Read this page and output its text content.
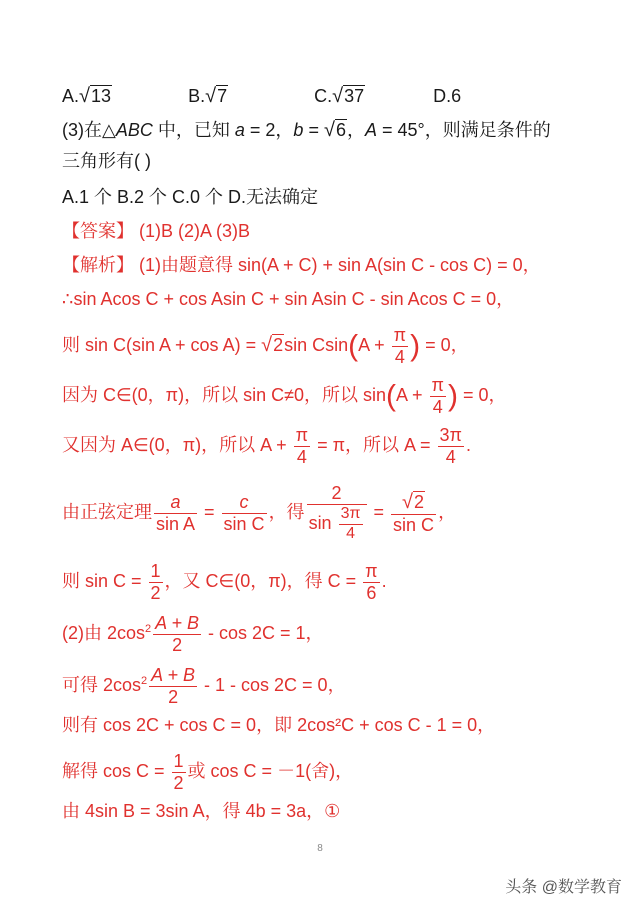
A.√13	B.√7	C.√37	D.6
(3)在△ABC 中，已知 a = 2，b = √6，A = 45°，则满足条件的
三角形有( )
A.1 个 B.2 个 C.0 个 D.无法确定
【答案】 (1)B (2)A (3)B
【解析】 (1)由题意得 sin(A + C) + sin A(sin C - cos C) = 0，
∴sin Acos C + cos Asin C + sin Asin C - sin Acos C = 0，
则 sin C(sin A + cos A) = √2sin $Csin(A + \frac{\pi}{4}$ ) = 0，
因为 C∈(0，π)，所以 sin C≠0，所以 $\sin(A + \frac{\pi}{4}$ ) = 0，
又因为 A∈(0，π)，所以 $A + \frac{\pi}{4} = \pi$，所以 $A = \frac{3\pi}{4}$ .
由正弦定理 $\frac{a}{\text{sin A}} = \frac{c}{\text{sin C}}$ ，得 $\frac{2}{\sin \frac{3\pi}{4}} = \frac{√2}{\text{sin C}}$ ，
则 $\sin C = \frac{1}{2}$ ，又 C∈(0，π)，得 $C = \frac{\pi}{6}$ .
(2)由 $2\cos^2 \frac{A + B}{2} - \cos 2C = 1$，
可得 $2\cos^2 \frac{A + B}{2} - 1 - \cos 2C = 0$，
则有 cos 2C + cos C = 0，即 2cos²C + cos C - 1 = 0，
解得 $\cos C = \frac{1}{2}$ 或 cos C = －1(舍)，
由 4sin B = 3sin A，得 4b = 3a，①
8
头条 @数学教育
